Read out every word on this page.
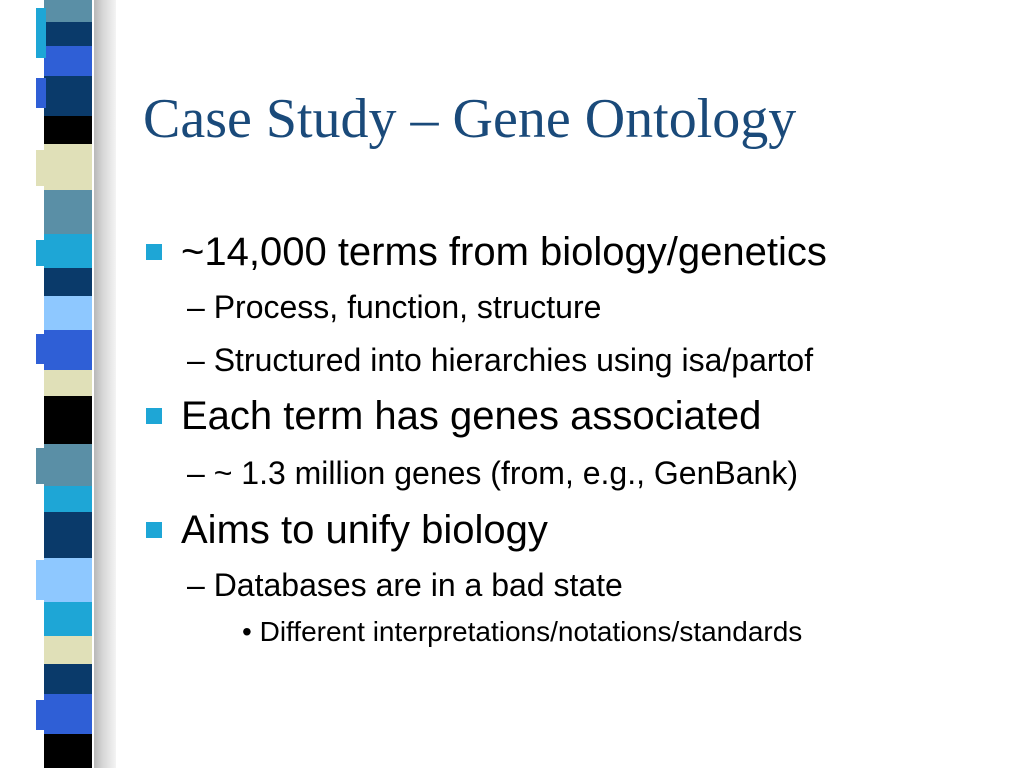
Case Study – Gene Ontology
~14,000 terms from biology/genetics
– Process, function, structure
– Structured into hierarchies using isa/partof
Each term has genes associated
– ~ 1.3 million genes (from, e.g., GenBank)
Aims to unify biology
– Databases are in a bad state
• Different interpretations/notations/standards
